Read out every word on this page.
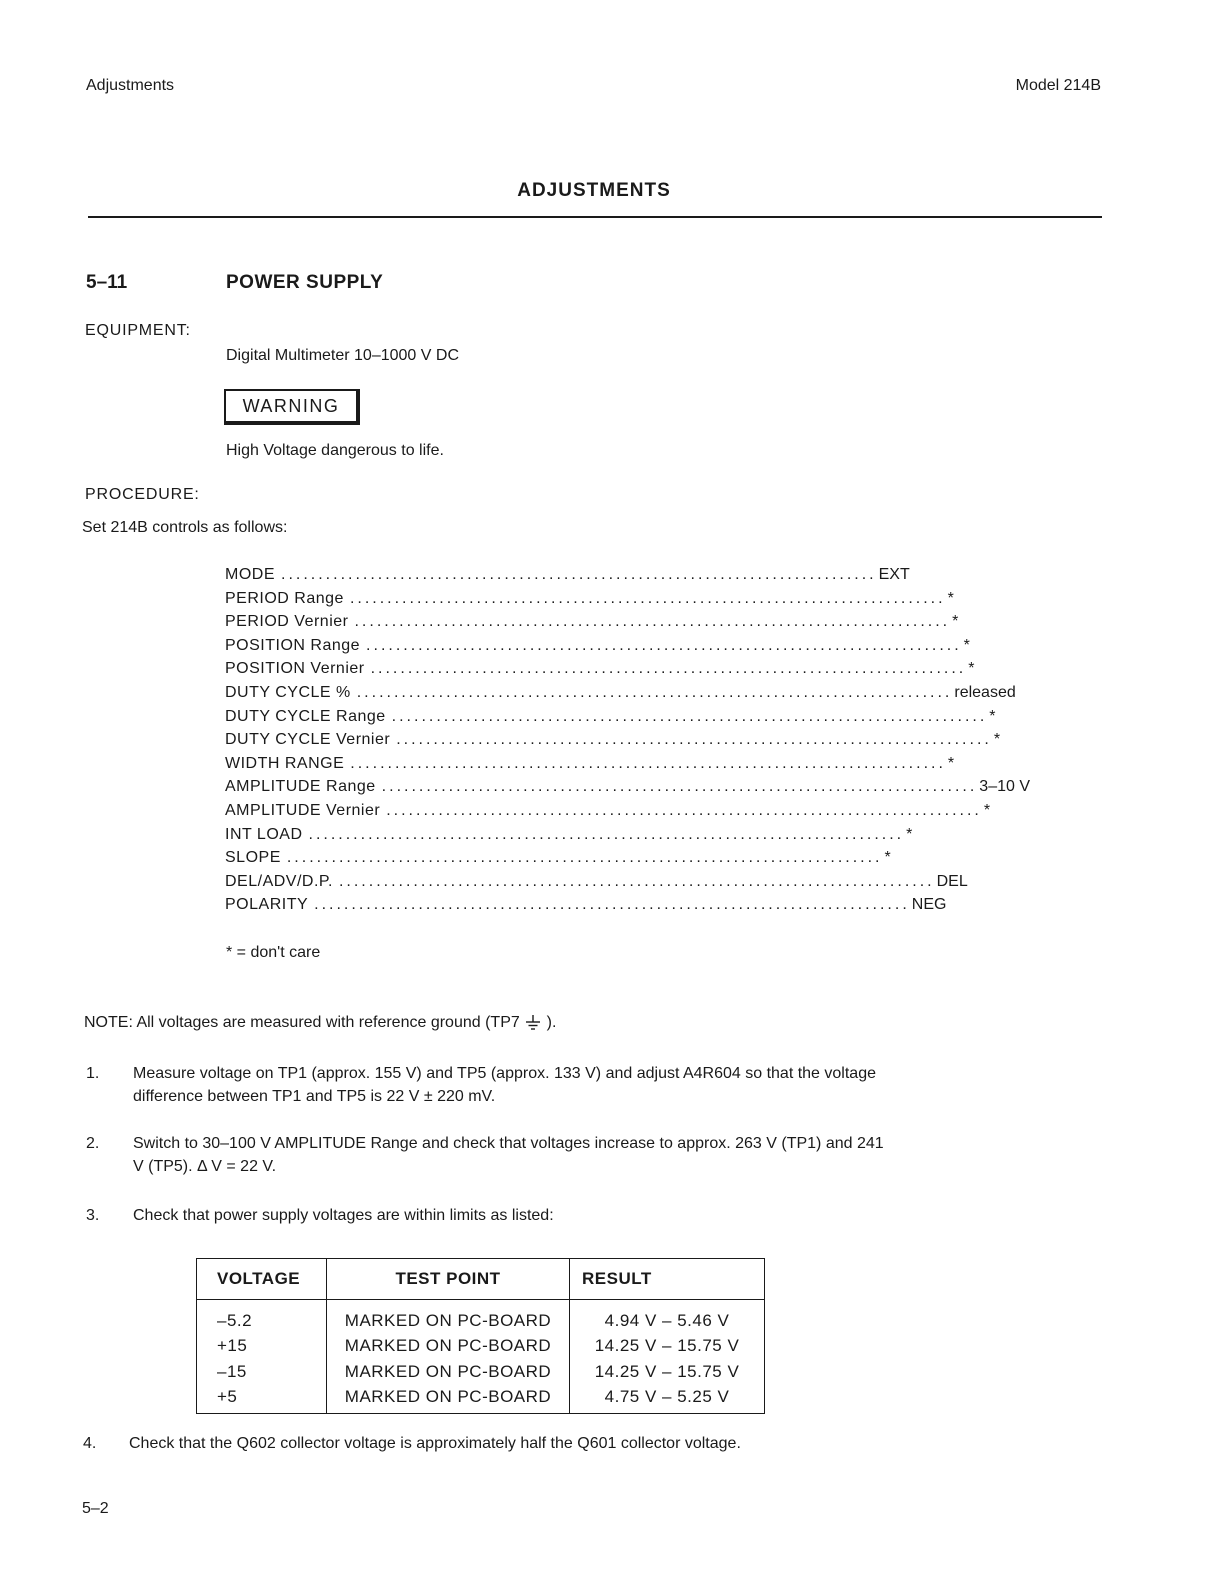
Adjustments	Model 214B
ADJUSTMENTS
5–11	POWER SUPPLY
EQUIPMENT:
Digital Multimeter 10–1000 V DC
WARNING
High Voltage dangerous to life.
PROCEDURE:
Set 214B controls as follows:
MODE ................................................................................ EXT
PERIOD Range ................................................................................ *
PERIOD Vernier ................................................................................ *
POSITION Range ................................................................................ *
POSITION Vernier ................................................................................ *
DUTY CYCLE % ................................................................................ released
DUTY CYCLE Range ................................................................................ *
DUTY CYCLE Vernier ................................................................................ *
WIDTH RANGE ................................................................................ *
AMPLITUDE Range ................................................................................ 3–10 V
AMPLITUDE Vernier ................................................................................ *
INT LOAD ................................................................................ *
SLOPE ................................................................................ *
DEL/ADV/D.P. ................................................................................ DEL
POLARITY ................................................................................ NEG
* = don't care
NOTE: All voltages are measured with reference ground (TP7 ).
1. Measure voltage on TP1 (approx. 155 V) and TP5 (approx. 133 V) and adjust A4R604 so that the voltage difference between TP1 and TP5 is 22 V ± 220 mV.
2. Switch to 30–100 V AMPLITUDE Range and check that voltages increase to approx. 263 V (TP1) and 241 V (TP5). Δ V = 22 V.
3. Check that power supply voltages are within limits as listed:
VOLTAGE	TEST POINT	RESULT
–5.2	MARKED ON PC-BOARD	4.94 V – 5.46 V
+15	MARKED ON PC-BOARD	14.25 V – 15.75 V
–15	MARKED ON PC-BOARD	14.25 V – 15.75 V
+5	MARKED ON PC-BOARD	4.75 V – 5.25 V
4. Check that the Q602 collector voltage is approximately half the Q601 collector voltage.
5–2
